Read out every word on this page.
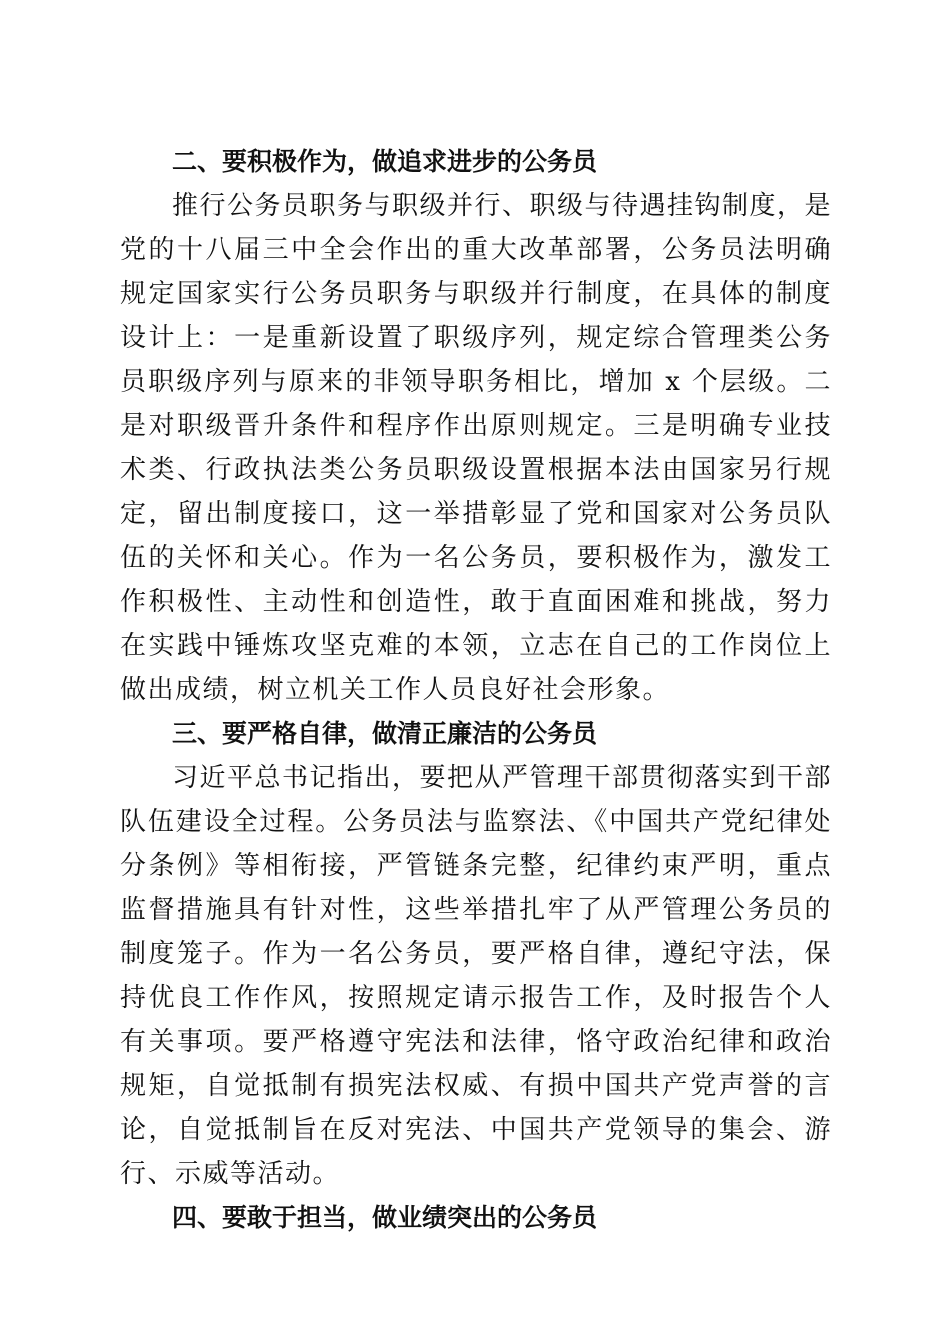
二、要积极作为，做追求进步的公务员

推行公务员职务与职级并行、职级与待遇挂钩制度，是党的十八届三中全会作出的重大改革部署，公务员法明确规定国家实行公务员职务与职级并行制度，在具体的制度设计上：一是重新设置了职级序列，规定综合管理类公务员职级序列与原来的非领导职务相比，增加 x 个层级。二是对职级晋升条件和程序作出原则规定。三是明确专业技术类、行政执法类公务员职级设置根据本法由国家另行规定，留出制度接口，这一举措彰显了党和国家对公务员队伍的关怀和关心。作为一名公务员，要积极作为，激发工作积极性、主动性和创造性，敢于直面困难和挑战，努力在实践中锤炼攻坚克难的本领，立志在自己的工作岗位上做出成绩，树立机关工作人员良好社会形象。

三、要严格自律，做清正廉洁的公务员

习近平总书记指出，要把从严管理干部贯彻落实到干部队伍建设全过程。公务员法与监察法、《中国共产党纪律处分条例》等相衔接，严管链条完整，纪律约束严明，重点监督措施具有针对性，这些举措扎牢了从严管理公务员的制度笼子。作为一名公务员，要严格自律，遵纪守法，保持优良工作作风，按照规定请示报告工作，及时报告个人有关事项。要严格遵守宪法和法律，恪守政治纪律和政治规矩，自觉抵制有损宪法权威、有损中国共产党声誉的言论，自觉抵制旨在反对宪法、中国共产党领导的集会、游行、示威等活动。

四、要敢于担当，做业绩突出的公务员
